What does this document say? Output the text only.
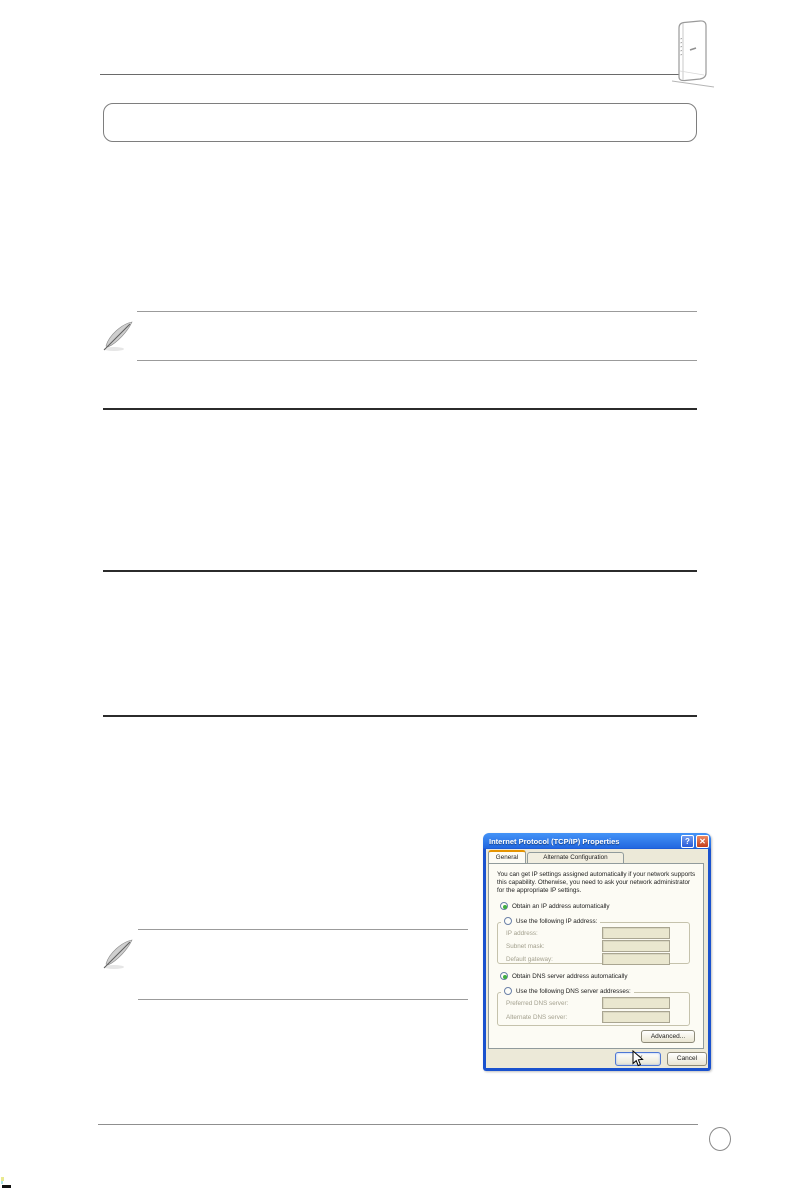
Internet Protocol (TCP/IP) Properties	?	✕
General	Alternate Configuration
You can get IP settings assigned automatically if your network supports this capability. Otherwise, you need to ask your network administrator for the appropriate IP settings.
Obtain an IP address automatically
Use the following IP address:
IP address:
Subnet mask:
Default gateway:
Obtain DNS server address automatically
Use the following DNS server addresses:
Preferred DNS server:
Alternate DNS server:
Advanced...
Cancel
